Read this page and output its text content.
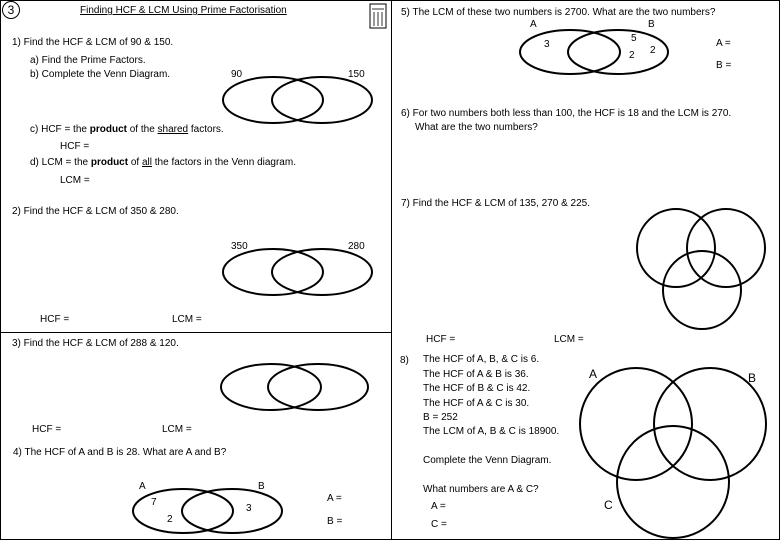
3	Finding HCF & LCM Using Prime Factorisation
1) Find the HCF & LCM of 90 & 150.
a) Find the Prime Factors.
b) Complete the Venn Diagram.	90	150
c) HCF = the product of the shared factors.
HCF =
d) LCM = the product of all the factors in the Venn diagram.
LCM =
2) Find the HCF & LCM of 350 & 280.
350	280
HCF =	LCM =
3) Find the HCF & LCM of 288 & 120.
HCF =	LCM =
4) The HCF of A and B is 28. What are A and B?
A	B
7
2
3
A =
B =
5) The LCM of these two numbers is 2700. What are the two numbers?
A	B
3
5
2 2
A =
B =
6) For two numbers both less than 100, the HCF is 18 and the LCM is 270.
What are the two numbers?
7) Find the HCF & LCM of 135, 270 & 225.
HCF =	LCM =
8) The HCF of A, B, & C is 6.
The HCF of A & B is 36.
The HCF of B & C is 42.
The HCF of A & C is 30.
B = 252
The LCM of A, B & C is 18900.
Complete the Venn Diagram.
What numbers are A & C?
A =
C =
A	B
C
